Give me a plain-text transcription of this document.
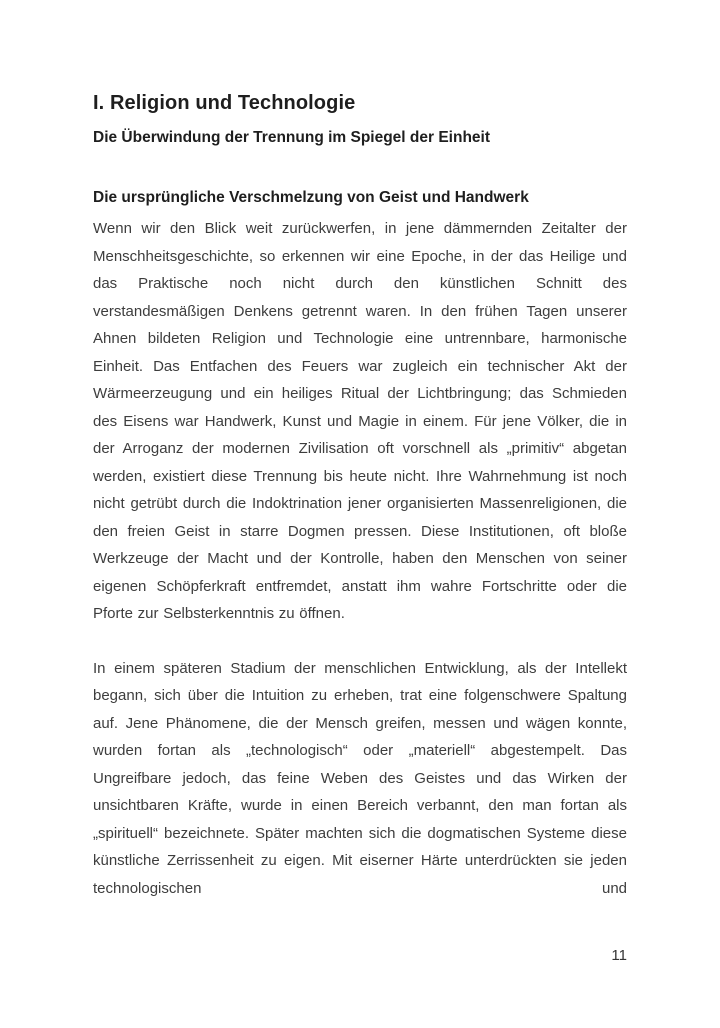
I. Religion und Technologie
Die Überwindung der Trennung im Spiegel der Einheit
Die ursprüngliche Verschmelzung von Geist und Handwerk

Wenn wir den Blick weit zurückwerfen, in jene dämmernden Zeitalter der Menschheitsgeschichte, so erkennen wir eine Epoche, in der das Heilige und das Praktische noch nicht durch den künstlichen Schnitt des verstandesmäßigen Denkens getrennt waren. In den frühen Tagen unserer Ahnen bildeten Religion und Technologie eine untrennbare, harmonische Einheit. Das Entfachen des Feuers war zugleich ein technischer Akt der Wärmeerzeugung und ein heiliges Ritual der Lichtbringung; das Schmieden des Eisens war Handwerk, Kunst und Magie in einem. Für jene Völker, die in der Arroganz der modernen Zivilisation oft vorschnell als „primitiv“ abgetan werden, existiert diese Trennung bis heute nicht. Ihre Wahrnehmung ist noch nicht getrübt durch die Indoktrination jener organisierten Massenreligionen, die den freien Geist in starre Dogmen pressen. Diese Institutionen, oft bloße Werkzeuge der Macht und der Kontrolle, haben den Menschen von seiner eigenen Schöpferkraft entfremdet, anstatt ihm wahre Fortschritte oder die Pforte zur Selbsterkenntnis zu öffnen.

In einem späteren Stadium der menschlichen Entwicklung, als der Intellekt begann, sich über die Intuition zu erheben, trat eine folgenschwere Spaltung auf. Jene Phänomene, die der Mensch greifen, messen und wägen konnte, wurden fortan als „technologisch“ oder „materiell“ abgestempelt. Das Ungreifbare jedoch, das feine Weben des Geistes und das Wirken der unsichtbaren Kräfte, wurde in einen Bereich verbannt, den man fortan als „spirituell“ bezeichnete. Später machten sich die dogmatischen Systeme diese künstliche Zerrissenheit zu eigen. Mit eiserner Härte unterdrückten sie jeden technologischen und

11
